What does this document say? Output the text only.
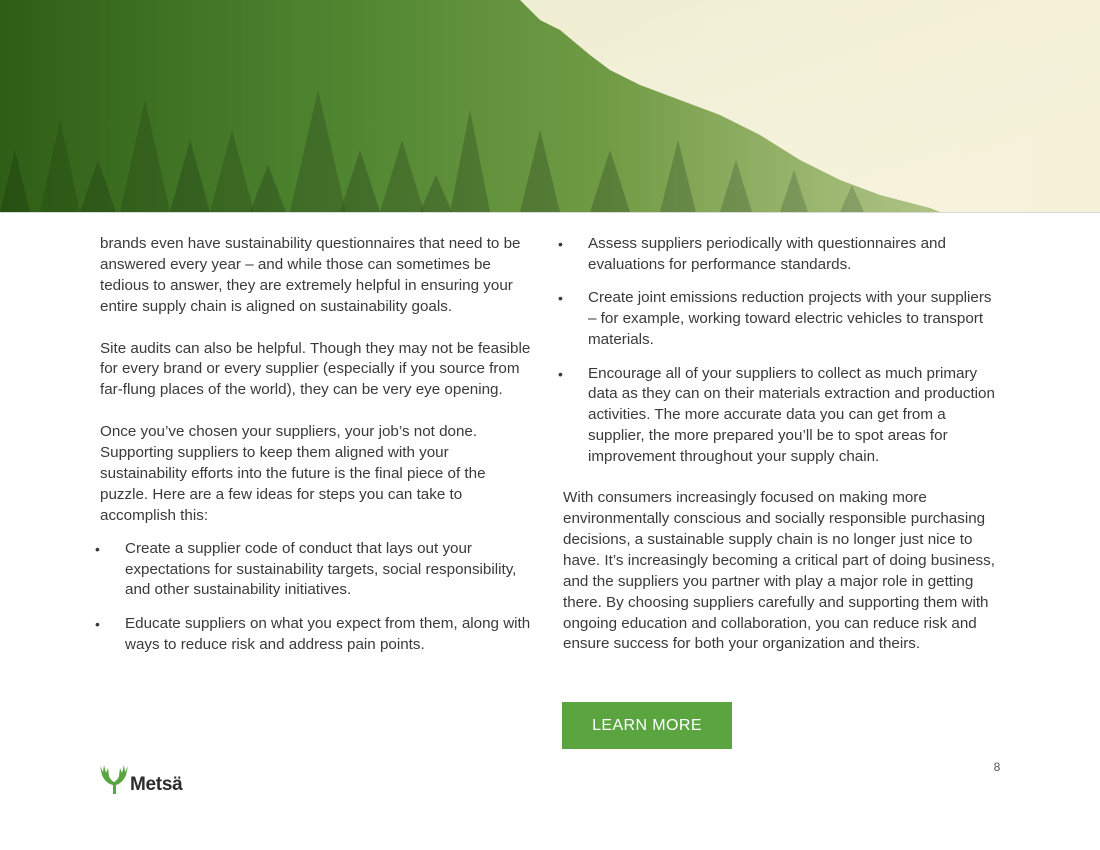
brands even have sustainability questionnaires that need to be answered every year – and while those can sometimes be tedious to answer, they are extremely helpful in ensuring your entire supply chain is aligned on sustainability goals.

Site audits can also be helpful. Though they may not be feasible for every brand or every supplier (especially if you source from far-flung places of the world), they can be very eye opening.

Once you’ve chosen your suppliers, your job’s not done. Supporting suppliers to keep them aligned with your sustainability efforts into the future is the final piece of the puzzle. Here are a few ideas for steps you can take to accomplish this:

• Create a supplier code of conduct that lays out your expectations for sustainability targets, social responsibility, and other sustainability initiatives.
• Educate suppliers on what you expect from them, along with ways to reduce risk and address pain points.
• Assess suppliers periodically with questionnaires and evaluations for performance standards.
• Create joint emissions reduction projects with your suppliers – for example, working toward electric vehicles to transport materials.
• Encourage all of your suppliers to collect as much primary data as they can on their materials extraction and production activities. The more accurate data you can get from a supplier, the more prepared you’ll be to spot areas for improvement throughout your supply chain.

With consumers increasingly focused on making more environmentally conscious and socially responsible purchasing decisions, a sustainable supply chain is no longer just nice to have. It’s increasingly becoming a critical part of doing business, and the suppliers you partner with play a major role in getting there. By choosing suppliers carefully and supporting them with ongoing education and collaboration, you can reduce risk and ensure success for both your organization and theirs.

LEARN MORE
Metsä
8
